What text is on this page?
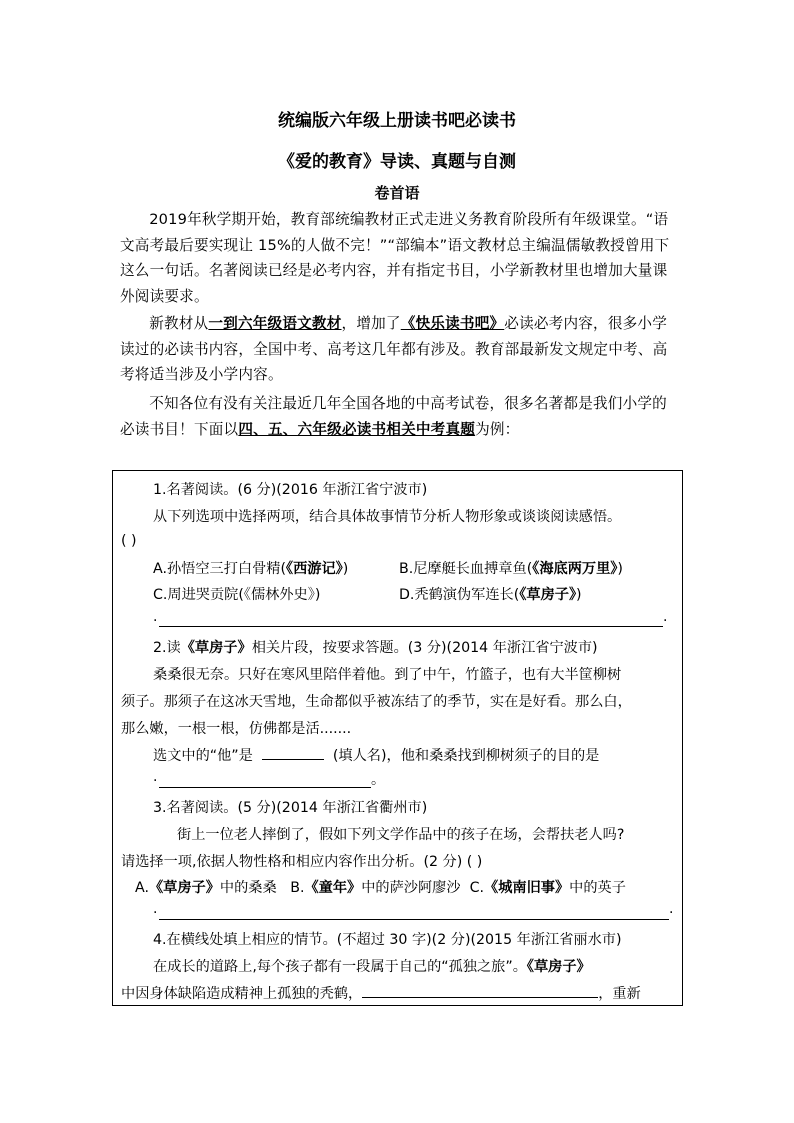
统编版六年级上册读书吧必读书
《爱的教育》导读、真题与自测
卷首语

2019年秋学期开始，教育部统编教材正式走进义务教育阶段所有年级课堂。“语文高考最后要实现让 15%的人做不完！”“部编本”语文教材总主编温儒敏教授曾用下这么一句话。名著阅读已经是必考内容，并有指定书目，小学新教材里也增加大量课外阅读要求。

新教材从一到六年级语文教材，增加了《快乐读书吧》必读必考内容，很多小学读过的必读书内容，全国中考、高考这几年都有涉及。教育部最新发文规定中考、高考将适当涉及小学内容。

不知各位有没有关注最近几年全国各地的中高考试卷，很多名著都是我们小学的必读书目！下面以四、五、六年级必读书相关中考真题为例：

1.名著阅读。(6 分)(2016 年浙江省宁波市)
从下列选项中选择两项，结合具体故事情节分析人物形象或谈谈阅读感悟。
( )
A.孙悟空三打白骨精(《西游记》)	B.尼摩艇长血搏章鱼(《海底两万里》)
C.周进哭贡院(《儒林外史》)	D.秃鹤演伪军连长(《草房子》)
.	.
2.读《草房子》相关片段，按要求答题。(3 分)(2014 年浙江省宁波市)
桑桑很无奈。只好在寒风里陪伴着他。到了中午，竹篮子，也有大半筐柳树
须子。那须子在这冰天雪地，生命都似乎被冻结了的季节，实在是好看。那么白，
那么嫩，一根一根，仿佛都是活.......
选文中的“他”是	(填人名)，他和桑桑找到柳树须子的目的是
.	。
3.名著阅读。(5 分)(2014 年浙江省衢州市)
街上一位老人摔倒了，假如下列文学作品中的孩子在场，会帮扶老人吗?
请选择一项,依据人物性格和相应内容作出分析。(2 分) ( )
A.《草房子》中的桑桑 B.《童年》中的萨沙阿廖沙 C.《城南旧事》中的英子
.	.
4.在横线处填上相应的情节。(不超过 30 字)(2 分)(2015 年浙江省丽水市)
在成长的道路上,每个孩子都有一段属于自己的“孤独之旅”。《草房子》
中因身体缺陷造成精神上孤独的秃鹤，	，重新
